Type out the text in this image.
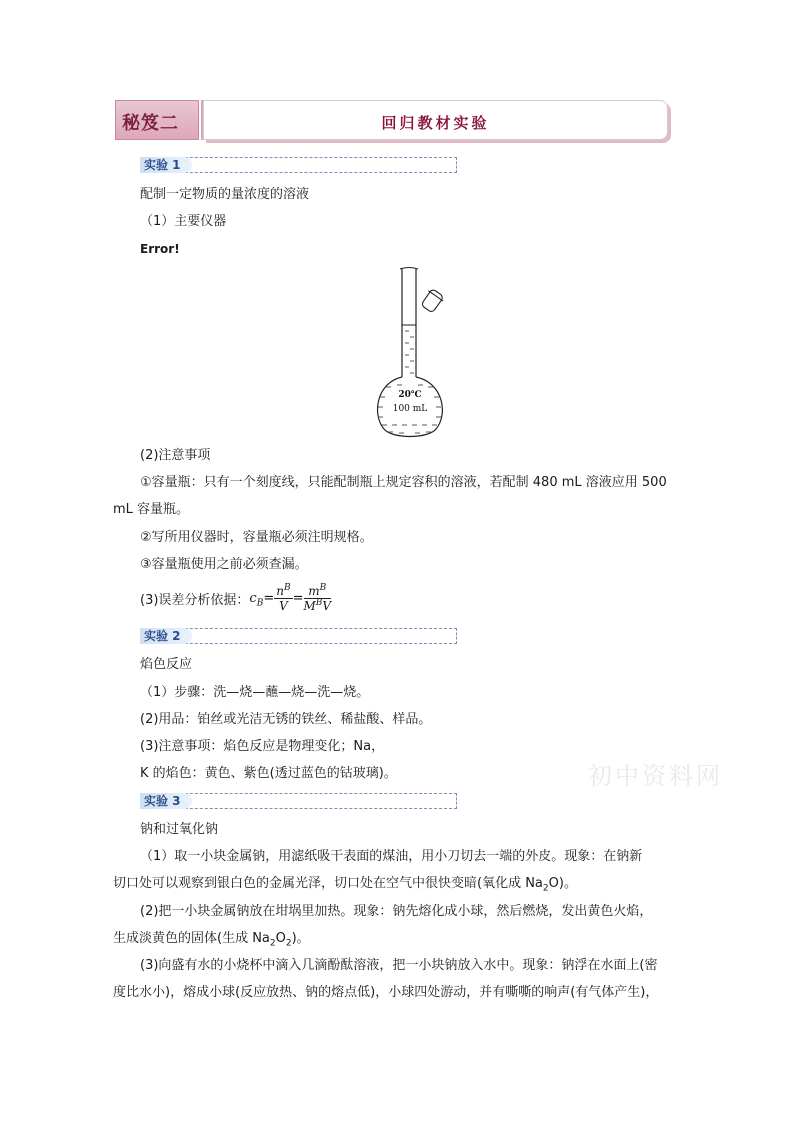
秘笈二	回归教材实验
实验 1
配制一定物质的量浓度的溶液
（1）主要仪器
Error!
20℃
100 mL
(2)注意事项
①容量瓶：只有一个刻度线，只能配制瓶上规定容积的溶液，若配制 480 mL 溶液应用 500
mL 容量瓶。
②写所用仪器时，容量瓶必须注明规格。
③容量瓶使用之前必须查漏。
(3)误差分析依据： $c_B = \frac{n^B}{V} = \frac{m^B}{M^BV}$
实验 2
焰色反应
（1）步骤：洗—烧—蘸—烧—洗—烧。
(2)用品：铂丝或光洁无锈的铁丝、稀盐酸、样品。
(3)注意事项：焰色反应是物理变化；Na，
K 的焰色：黄色、紫色(透过蓝色的钴玻璃)。	初中资料网
实验 3
钠和过氧化钠
（1）取一小块金属钠，用滤纸吸干表面的煤油，用小刀切去一端的外皮。现象：在钠新
切口处可以观察到银白色的金属光泽，切口处在空气中很快变暗(氧化成 $Na_2O$)。
(2)把一小块金属钠放在坩埚里加热。现象：钠先熔化成小球，然后燃烧，发出黄色火焰，
生成淡黄色的固体(生成 $Na_2O_2$)。
(3)向盛有水的小烧杯中滴入几滴酚酞溶液，把一小块钠放入水中。现象：钠浮在水面上(密
度比水小)，熔成小球(反应放热、钠的熔点低)，小球四处游动，并有嘶嘶的响声(有气体产生)，
